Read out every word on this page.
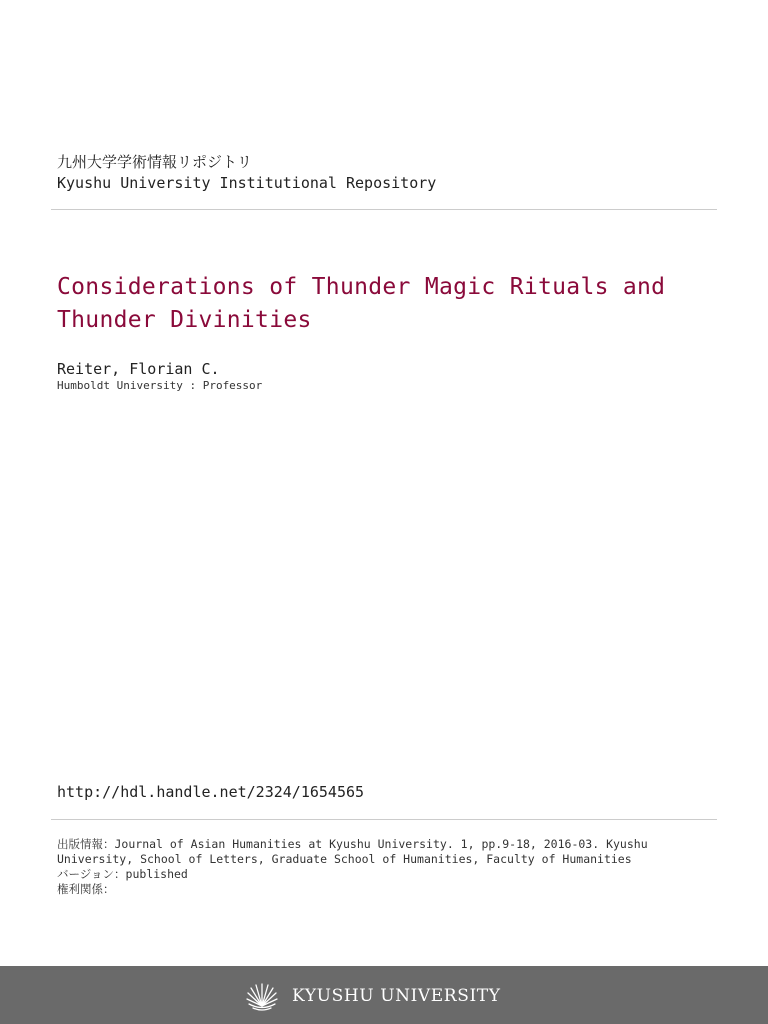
九州大学学術情報リポジトリ
Kyushu University Institutional Repository
Considerations of Thunder Magic Rituals and Thunder Divinities
Reiter, Florian C.
Humboldt University : Professor
http://hdl.handle.net/2324/1654565
出版情報：Journal of Asian Humanities at Kyushu University. 1, pp.9-18, 2016-03. Kyushu
University, School of Letters, Graduate School of Humanities, Faculty of Humanities
バージョン：published
権利関係：
KYUSHU UNIVERSITY
